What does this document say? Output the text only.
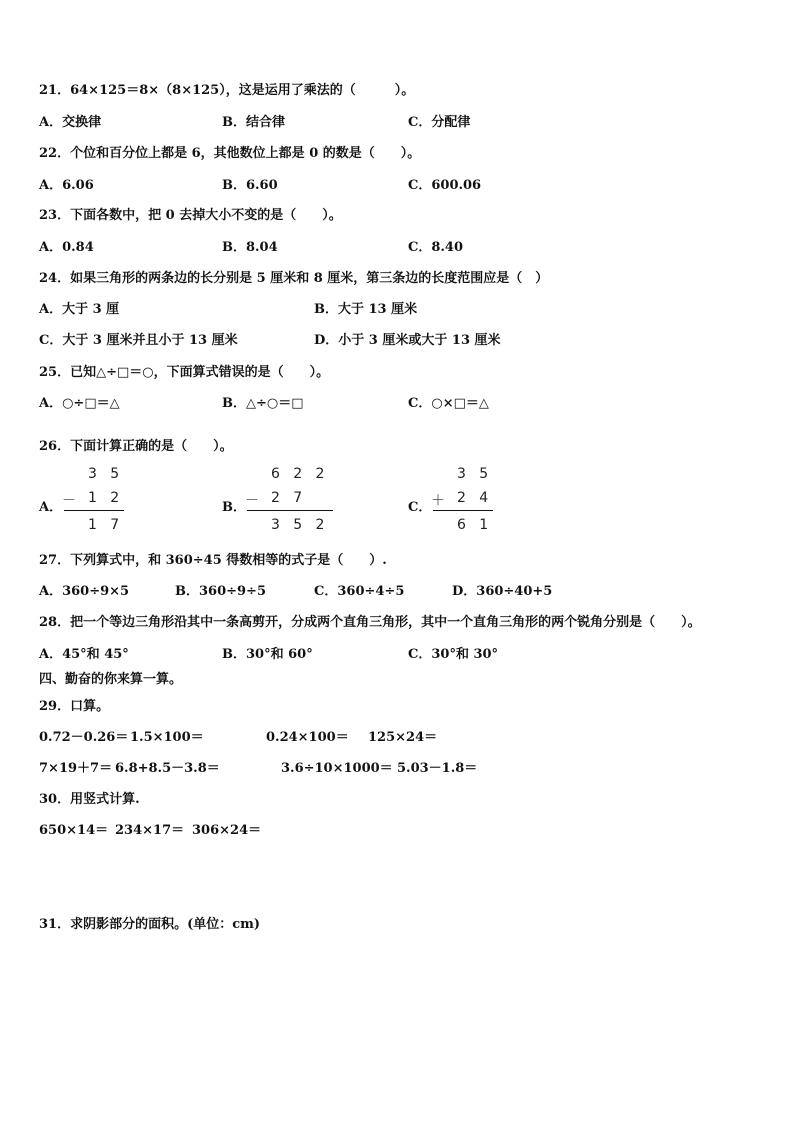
21．64×125＝8×（8×125），这是运用了乘法的（　　　）。
A．交换律	B．结合律	C．分配律
22．个位和百分位上都是 6，其他数位上都是 0 的数是（　　）。
A．6.06	B．6.60	C．600.06
23．下面各数中，把 0 去掉大小不变的是（　　）。
A．0.84	B．8.04	C．8.40
24．如果三角形的两条边的长分别是 5 厘米和 8 厘米，第三条边的长度范围应是（　）
A．大于 3 厘	B．大于 13 厘米
C．大于 3 厘米并且小于 13 厘米	D．小于 3 厘米或大于 13 厘米
25．已知△÷□＝○，下面算式错误的是（　　）。
A．○÷□＝△	B．△÷○＝□	C．○×□＝△
26．下面计算正确的是（　　）。
A．
3   5
－ 1   2
1   7
B．
6   2   2
－ 2   7
3   5   2
C．
3   5
＋ 2   4
6   1
27．下列算式中，和 360÷45 得数相等的式子是（　　）.
A．360÷9×5	B．360÷9÷5	C．360÷4÷5	D．360÷40+5
28．把一个等边三角形沿其中一条高剪开，分成两个直角三角形，其中一个直角三角形的两个锐角分别是（　　）。
A．45°和 45°	B．30°和 60°	C．30°和 30°
四、勤奋的你来算一算。
29．口算。
0.72－0.26＝ 1.5×100＝	0.24×100＝ 125×24＝
7×19＋7＝ 6.8+8.5－3.8＝	3.6÷10×1000＝ 5.03－1.8＝
30．用竖式计算.
650×14＝ 234×17＝ 306×24＝
31．求阴影部分的面积。(单位：cm)
